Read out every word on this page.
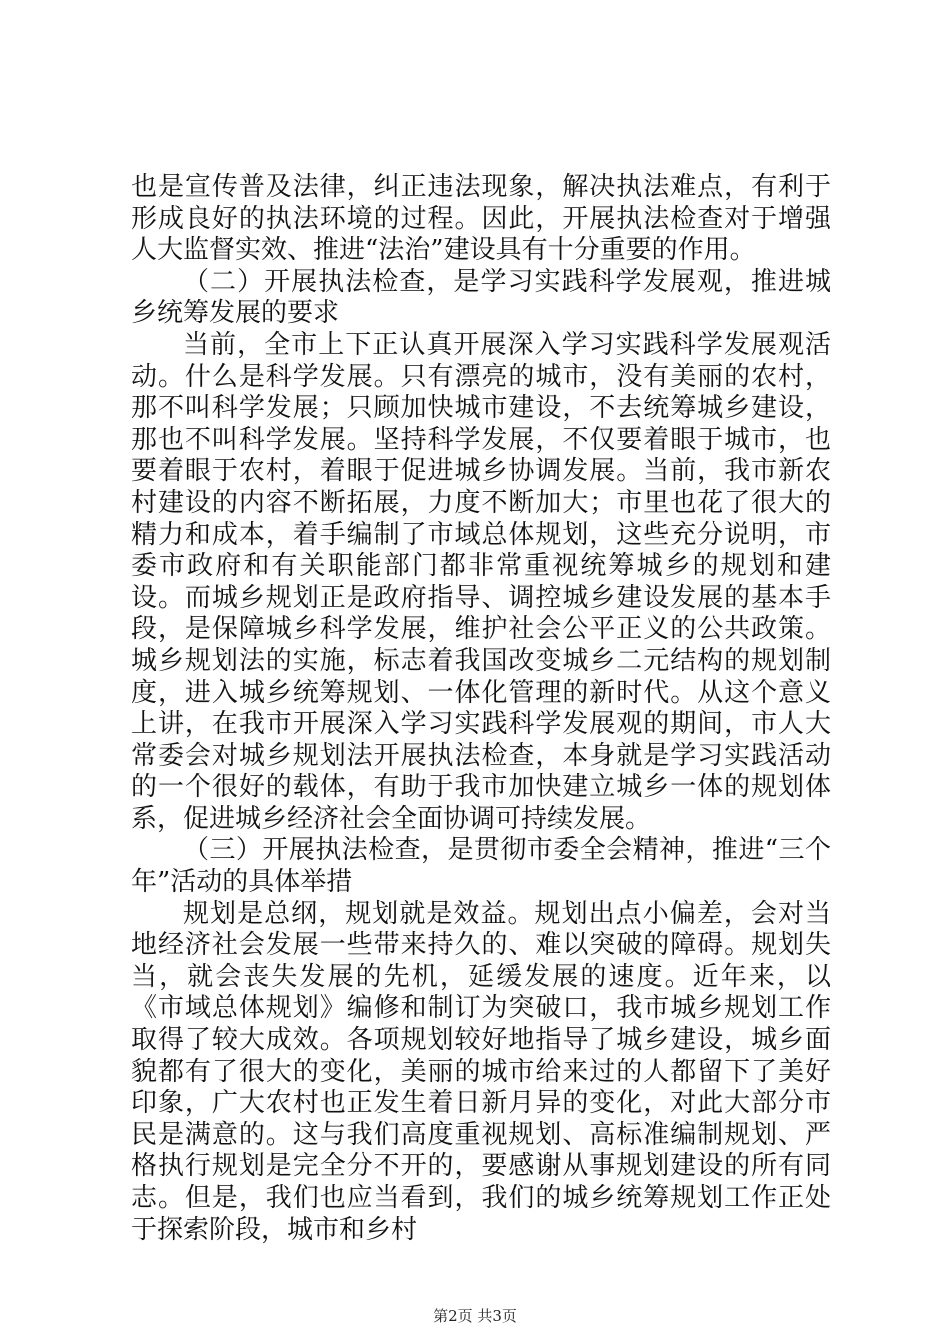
也是宣传普及法律，纠正违法现象，解决执法难点，有利于形成良好的执法环境的过程。因此，开展执法检查对于增强人大监督实效、推进“法治”建设具有十分重要的作用。

（二）开展执法检查，是学习实践科学发展观，推进城乡统筹发展的要求

当前，全市上下正认真开展深入学习实践科学发展观活动。什么是科学发展。只有漂亮的城市，没有美丽的农村，那不叫科学发展；只顾加快城市建设，不去统筹城乡建设，那也不叫科学发展。坚持科学发展，不仅要着眼于城市，也要着眼于农村，着眼于促进城乡协调发展。当前，我市新农村建设的内容不断拓展，力度不断加大；市里也花了很大的精力和成本，着手编制了市域总体规划，这些充分说明，市委市政府和有关职能部门都非常重视统筹城乡的规划和建设。而城乡规划正是政府指导、调控城乡建设发展的基本手段，是保障城乡科学发展，维护社会公平正义的公共政策。城乡规划法的实施，标志着我国改变城乡二元结构的规划制度，进入城乡统筹规划、一体化管理的新时代。从这个意义上讲，在我市开展深入学习实践科学发展观的期间，市人大常委会对城乡规划法开展执法检查，本身就是学习实践活动的一个很好的载体，有助于我市加快建立城乡一体的规划体系，促进城乡经济社会全面协调可持续发展。

（三）开展执法检查，是贯彻市委全会精神，推进“三个年”活动的具体举措

规划是总纲，规划就是效益。规划出点小偏差，会对当地经济社会发展一些带来持久的、难以突破的障碍。规划失当，就会丧失发展的先机，延缓发展的速度。近年来，以《市域总体规划》编修和制订为突破口，我市城乡规划工作取得了较大成效。各项规划较好地指导了城乡建设，城乡面貌都有了很大的变化，美丽的城市给来过的人都留下了美好印象，广大农村也正发生着日新月异的变化，对此大部分市民是满意的。这与我们高度重视规划、高标准编制规划、严格执行规划是完全分不开的，要感谢从事规划建设的所有同志。但是，我们也应当看到，我们的城乡统筹规划工作正处于探索阶段，城市和乡村

第2页 共3页
